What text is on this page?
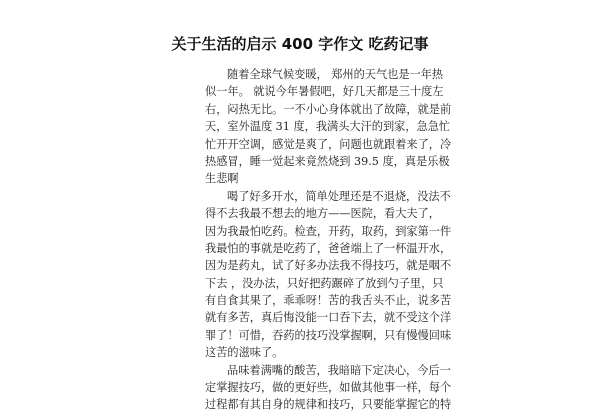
关于生活的启示 400 字作文 吃药记事
随着全球气候变暖， 郑州的天气也是一年热
似一年。 就说今年暑假吧，好几天都是三十度左
右，闷热无比。一不小心身体就出了故障，就是前
天，室外温度 31 度，我满头大汗的到家，急急忙
忙开开空调，感觉是爽了，问题也就跟着来了，冷
热感冒，睡一觉起来竟然烧到 39.5 度，真是乐极
生悲啊
喝了好多开水，简单处理还是不退烧，没法不
得不去我最不想去的地方——医院，看大夫了，
因为我最怕吃药。检查，开药，取药，到家第一件
我最怕的事就是吃药了，爸爸端上了一杯温开水，
因为是药丸，试了好多办法我不得技巧，就是咽不
下去 ，没办法，只好把药蹍碎了放到勺子里，只
有自食其果了，乖乖呀！苦的我舌头不止，说多苦
就有多苦，真后悔没能一口吞下去，就不受这个洋
罪了！可惜，吞药的技巧没掌握啊，只有慢慢回味
这苦的滋味了。
品味着满嘴的酸苦，我暗暗下定决心，今后一
定掌握技巧，做的更好些，如做其他事一样，每个
过程都有其自身的规律和技巧，只要能掌握它的特
